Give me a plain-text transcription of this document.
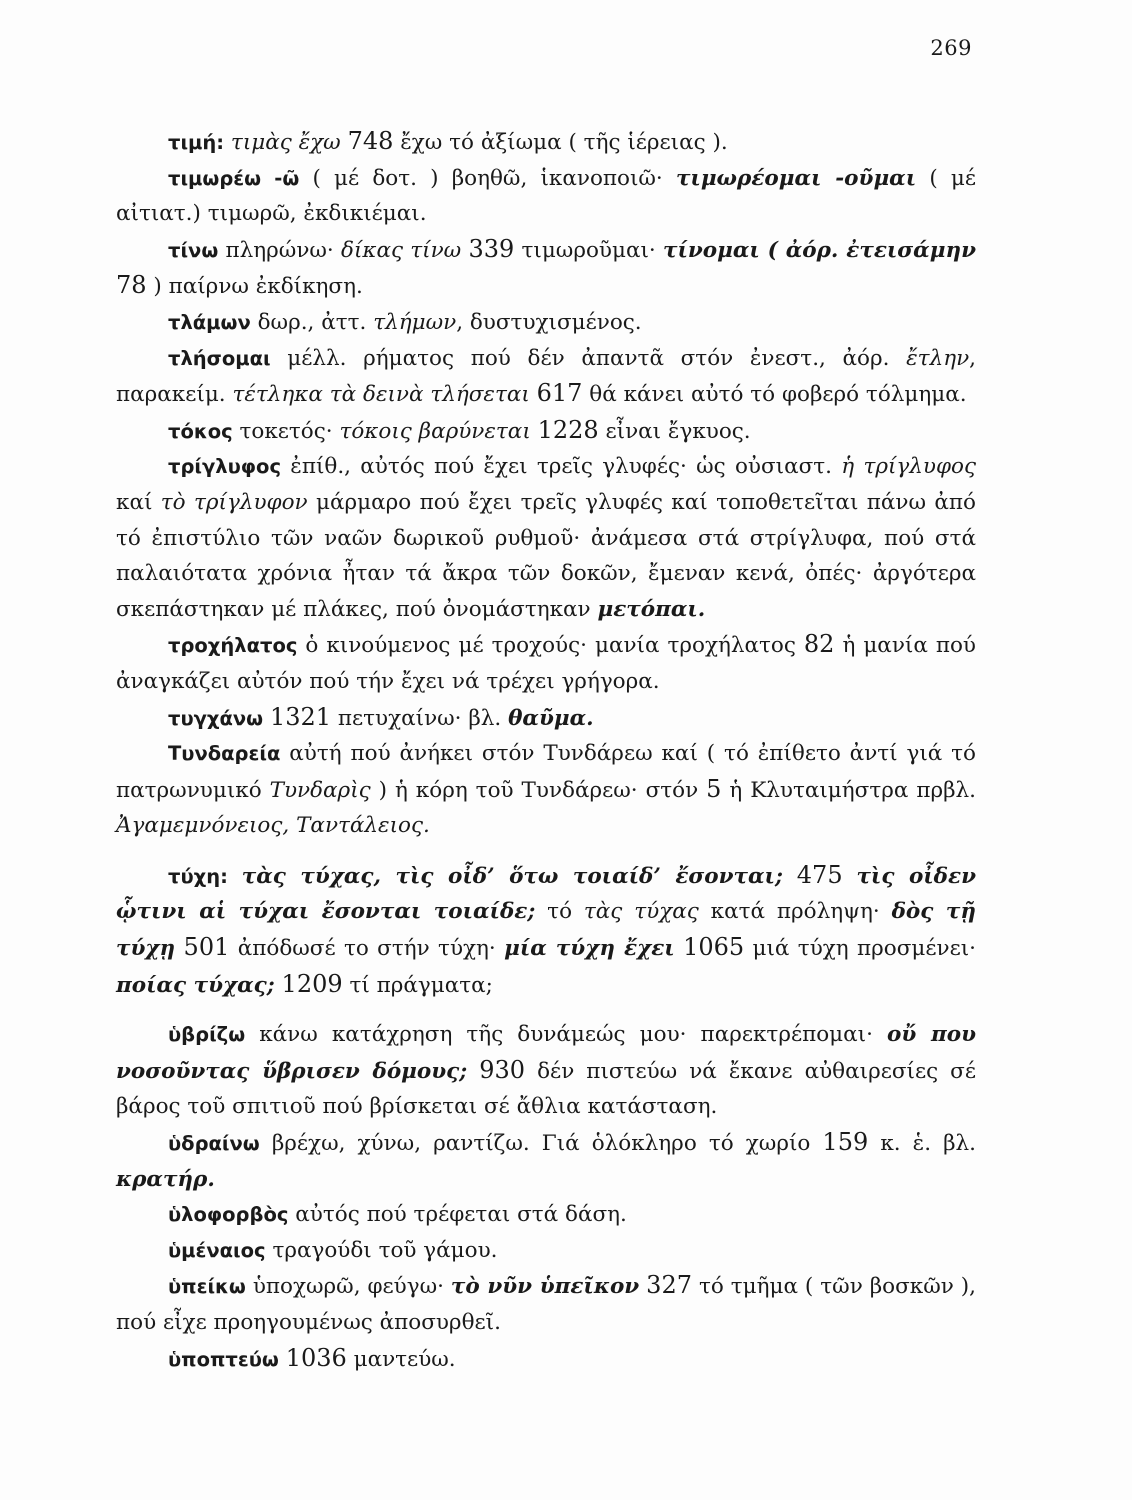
269

τιμή: τιμὰς ἔχω 748 ἔχω τό ἀξίωμα ( τῆς ἱέρειας ).

τιμωρέω -ῶ ( μέ δοτ. ) βοηθῶ, ἱκανοποιῶ· τιμωρέομαι -οῦμαι ( μέ αἰτιατ.) τιμωρῶ, ἐκδικιέμαι.

τίνω πληρώνω· δίκας τίνω 339 τιμωροῦμαι· τίνομαι ( ἀόρ. ἐτεισάμην 78 ) παίρνω ἐκδίκηση.

τλάμων δωρ., ἀττ. τλήμων, δυστυχισμένος.

τλήσομαι μέλλ. ρήματος πού δέν ἀπαντᾶ στόν ἐνεστ., ἀόρ. ἔτλην, παρακείμ. τέτληκα τὰ δεινὰ τλήσεται 617 θά κάνει αὐτό τό φοβερό τόλμημα.

τόκος τοκετός· τόκοις βαρύνεται 1228 εἶναι ἔγκυος.

τρίγλυφος ἐπίθ., αὐτός πού ἔχει τρεῖς γλυφές· ὡς οὐσιαστ. ἡ τρίγλυφος καί τὸ τρίγλυφον μάρμαρο πού ἔχει τρεῖς γλυφές καί τοποθετεῖται πάνω ἀπό τό ἐπιστύλιο τῶν ναῶν δωρικοῦ ρυθμοῦ· ἀνάμεσα στά στρίγλυφα, πού στά παλαιότατα χρόνια ἦταν τά ἄκρα τῶν δοκῶν, ἔμεναν κενά, ὀπές· ἀργότερα σκεπάστηκαν μέ πλάκες, πού ὀνομάστηκαν μετόπαι.

τροχήλατος ὁ κινούμενος μέ τροχούς· μανία τροχήλατος 82 ἡ μανία πού ἀναγκάζει αὐτόν πού τήν ἔχει νά τρέχει γρήγορα.

τυγχάνω 1321 πετυχαίνω· βλ. θαῦμα.

Τυνδαρεία αὐτή πού ἀνήκει στόν Τυνδάρεω καί ( τό ἐπίθετο ἀντί γιά τό πατρωνυμικό Τυνδαρὶς ) ἡ κόρη τοῦ Τυνδάρεω· στόν 5 ἡ Κλυταιμήστρα πρβλ. Ἀγαμεμνόνειος, Ταντάλειος.

τύχη: τὰς τύχας, τὶς οἶδ’ ὅτω τοιαίδ’ ἔσονται; 475 τὶς οἶδεν ᾧτινι αἱ τύχαι ἔσονται τοιαίδε; τό τὰς τύχας κατά πρόληψη· δὸς τῇ τύχῃ 501 ἀπόδωσέ το στήν τύχη· μία τύχη ἔχει 1065 μιά τύχη προσμένει· ποίας τύχας; 1209 τί πράγματα;

ὑβρίζω κάνω κατάχρηση τῆς δυνάμεώς μου· παρεκτρέπομαι· οὔ που νοσοῦντας ὕβρισεν δόμους; 930 δέν πιστεύω νά ἔκανε αὐθαιρεσίες σέ βάρος τοῦ σπιτιοῦ πού βρίσκεται σέ ἄθλια κατάσταση.

ὑδραίνω βρέχω, χύνω, ραντίζω. Γιά ὁλόκληρο τό χωρίο 159 κ. ἑ. βλ. κρατήρ.

ὑλοφορβὸς αὐτός πού τρέφεται στά δάση.

ὑμέναιος τραγούδι τοῦ γάμου.

ὑπείκω ὑποχωρῶ, φεύγω· τὸ νῦν ὑπεῖκον 327 τό τμῆμα ( τῶν βοσκῶν ), πού εἶχε προηγουμένως ἀποσυρθεῖ.

ὑποπτεύω 1036 μαντεύω.
